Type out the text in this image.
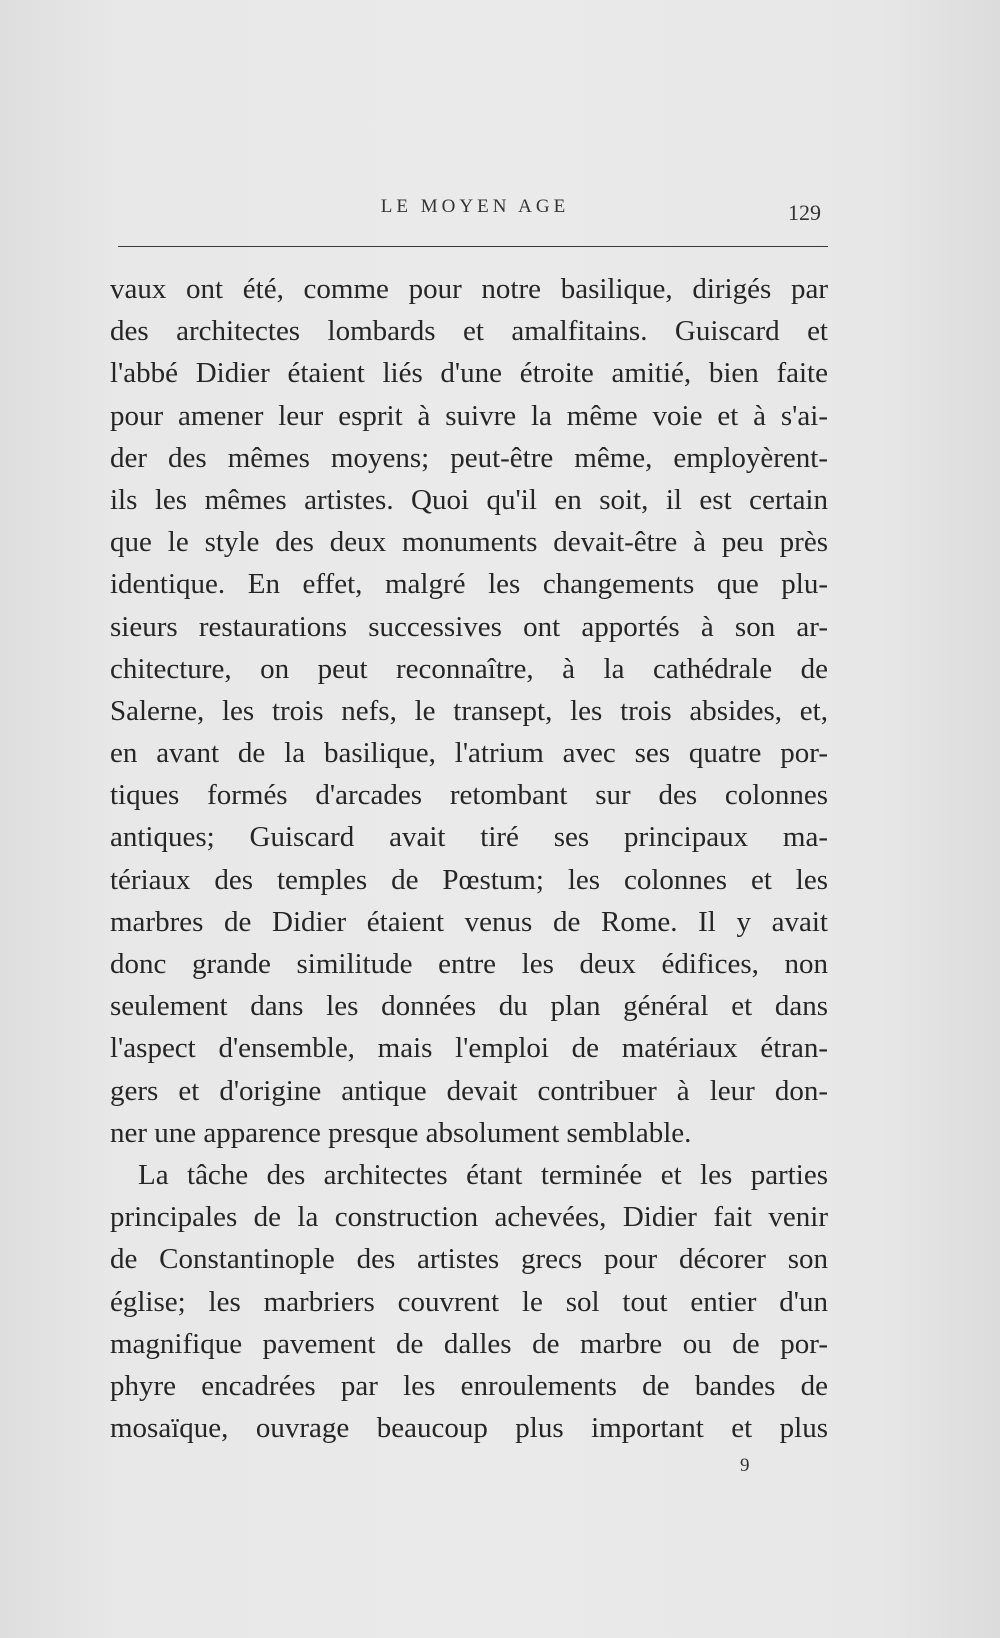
LE MOYEN AGE	129
vaux ont été, comme pour notre basilique, dirigés par
des architectes lombards et amalfitains. Guiscard et
l'abbé Didier étaient liés d'une étroite amitié, bien faite
pour amener leur esprit à suivre la même voie et à s'ai-
der des mêmes moyens; peut-être même, employèrent-
ils les mêmes artistes. Quoi qu'il en soit, il est certain
que le style des deux monuments devait-être à peu près
identique. En effet, malgré les changements que plu-
sieurs restaurations successives ont apportés à son ar-
chitecture, on peut reconnaître, à la cathédrale de
Salerne, les trois nefs, le transept, les trois absides, et,
en avant de la basilique, l'atrium avec ses quatre por-
tiques formés d'arcades retombant sur des colonnes
antiques; Guiscard avait tiré ses principaux ma-
tériaux des temples de Pœstum; les colonnes et les
marbres de Didier étaient venus de Rome. Il y avait
donc grande similitude entre les deux édifices, non
seulement dans les données du plan général et dans
l'aspect d'ensemble, mais l'emploi de matériaux étran-
gers et d'origine antique devait contribuer à leur don-
ner une apparence presque absolument semblable.
La tâche des architectes étant terminée et les parties
principales de la construction achevées, Didier fait venir
de Constantinople des artistes grecs pour décorer son
église; les marbriers couvrent le sol tout entier d'un
magnifique pavement de dalles de marbre ou de por-
phyre encadrées par les enroulements de bandes de
mosaïque, ouvrage beaucoup plus important et plus
9
